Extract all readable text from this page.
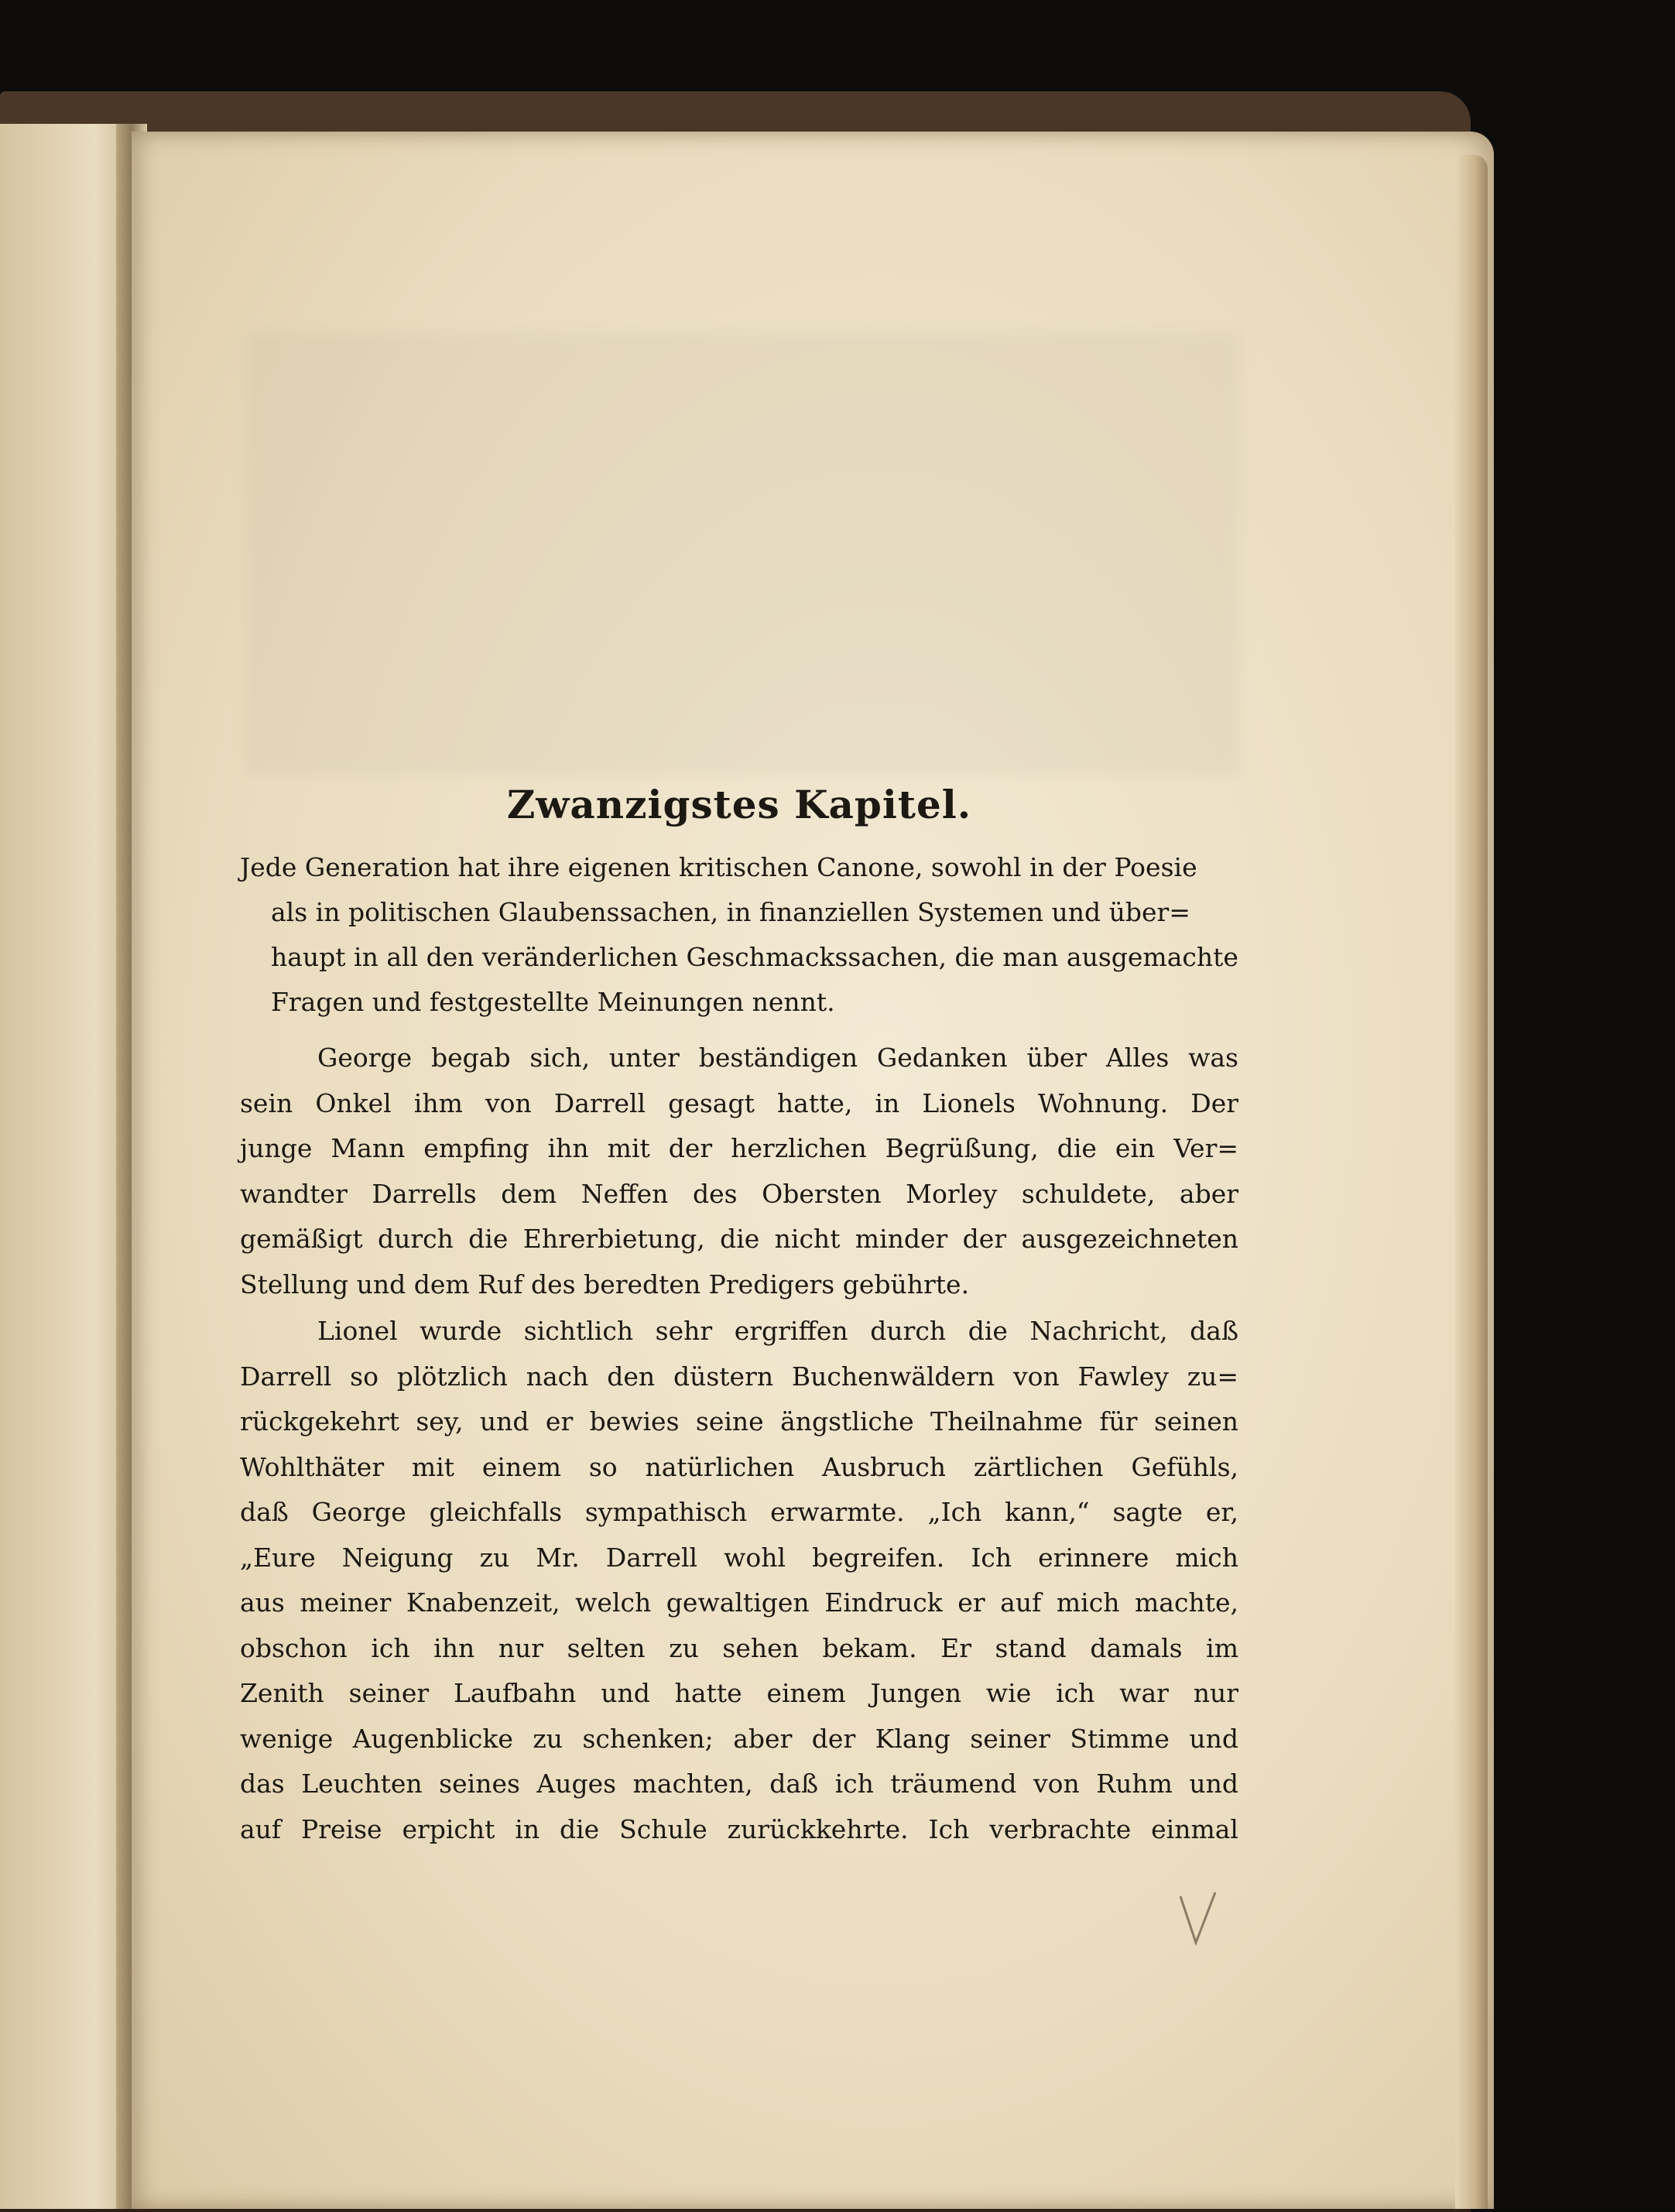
Zwanzigstes Kapitel.
Jede Generation hat ihre eigenen kritischen Canone, sowohl in der Poesie
als in politischen Glaubenssachen, in finanziellen Systemen und über=
haupt in all den veränderlichen Geschmackssachen, die man ausgemachte
Fragen und festgestellte Meinungen nennt.
George begab sich, unter beständigen Gedanken über Alles was
sein Onkel ihm von Darrell gesagt hatte, in Lionels Wohnung. Der
junge Mann empfing ihn mit der herzlichen Begrüßung, die ein Ver=
wandter Darrells dem Neffen des Obersten Morley schuldete, aber
gemäßigt durch die Ehrerbietung, die nicht minder der ausgezeichneten
Stellung und dem Ruf des beredten Predigers gebührte.
Lionel wurde sichtlich sehr ergriffen durch die Nachricht, daß
Darrell so plötzlich nach den düstern Buchenwäldern von Fawley zu=
rückgekehrt sey, und er bewies seine ängstliche Theilnahme für seinen
Wohlthäter mit einem so natürlichen Ausbruch zärtlichen Gefühls,
daß George gleichfalls sympathisch erwarmte. „Ich kann,“ sagte er,
„Eure Neigung zu Mr. Darrell wohl begreifen. Ich erinnere mich
aus meiner Knabenzeit, welch gewaltigen Eindruck er auf mich machte,
obschon ich ihn nur selten zu sehen bekam. Er stand damals im
Zenith seiner Laufbahn und hatte einem Jungen wie ich war nur
wenige Augenblicke zu schenken; aber der Klang seiner Stimme und
das Leuchten seines Auges machten, daß ich träumend von Ruhm und
auf Preise erpicht in die Schule zurückkehrte. Ich verbrachte einmal
